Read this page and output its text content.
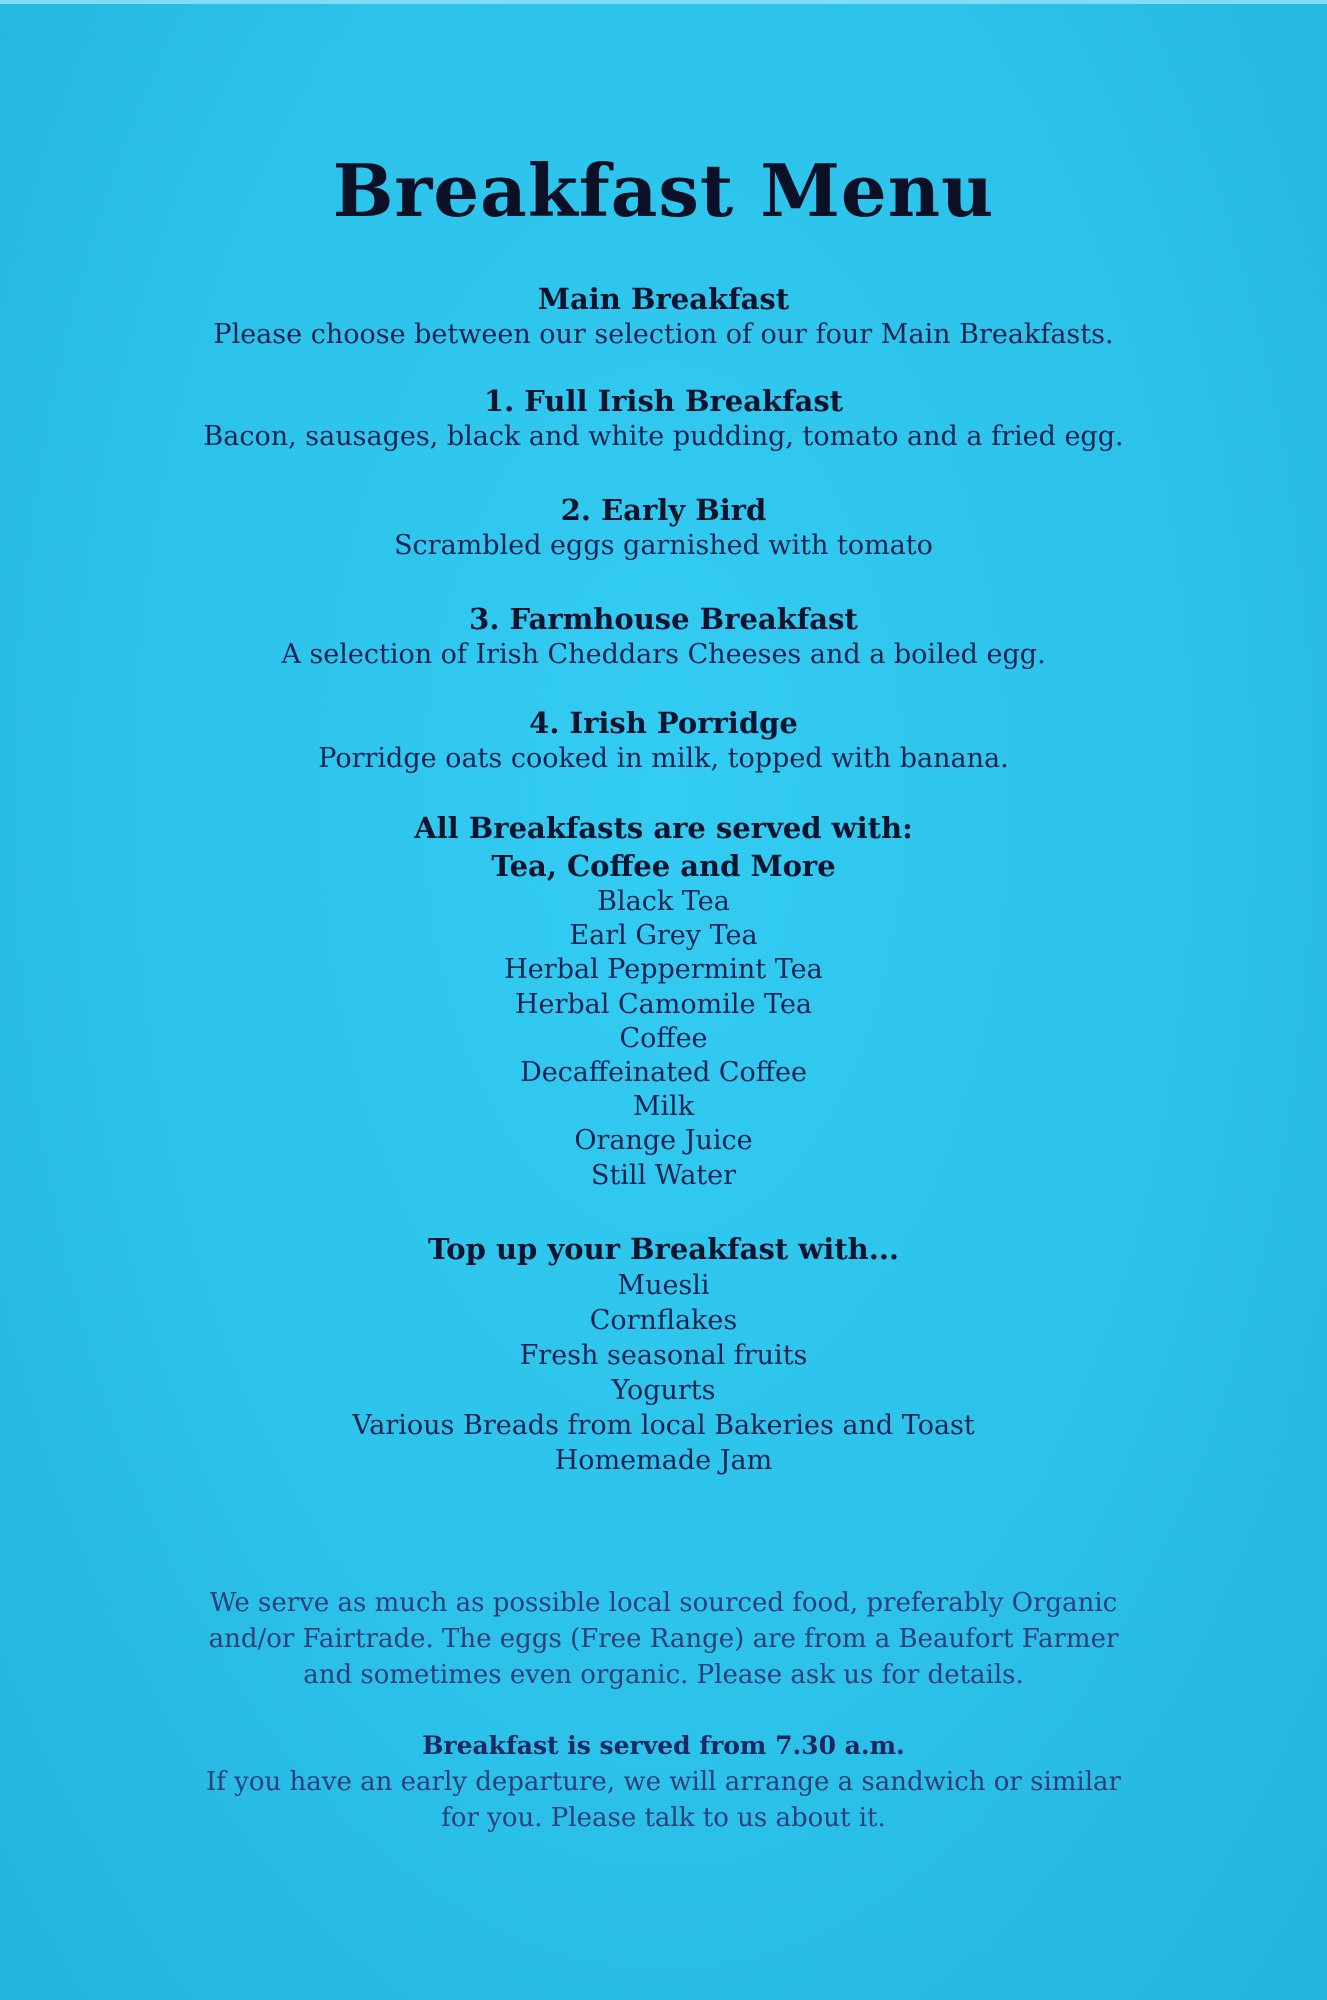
Breakfast Menu
Main Breakfast
Please choose between our selection of our four Main Breakfasts.
1. Full Irish Breakfast
Bacon, sausages, black and white pudding, tomato and a fried egg.
2. Early Bird
Scrambled eggs garnished with tomato
3. Farmhouse Breakfast
A selection of Irish Cheddars Cheeses and a boiled egg.
4. Irish Porridge
Porridge oats cooked in milk, topped with banana.
All Breakfasts are served with:
Tea, Coffee and More
Black Tea
Earl Grey Tea
Herbal Peppermint Tea
Herbal Camomile Tea
Coffee
Decaffeinated Coffee
Milk
Orange Juice
Still Water
Top up your Breakfast with...
Muesli
Cornflakes
Fresh seasonal fruits
Yogurts
Various Breads from local Bakeries and Toast
Homemade Jam
We serve as much as possible local sourced food, preferably Organic
and/or Fairtrade. The eggs (Free Range) are from a Beaufort Farmer
and sometimes even organic. Please ask us for details.
Breakfast is served from 7.30 a.m.
If you have an early departure, we will arrange a sandwich or similar
for you. Please talk to us about it.
